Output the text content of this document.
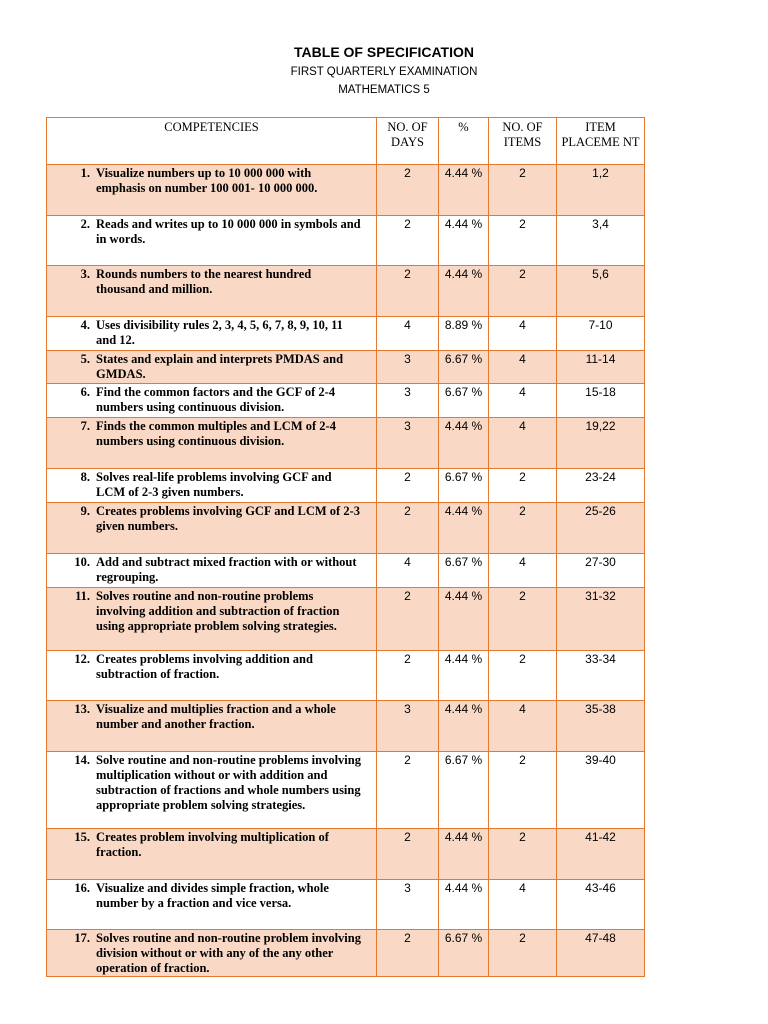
TABLE OF SPECIFICATION
FIRST QUARTERLY EXAMINATION
MATHEMATICS 5
COMPETENCIES	NO. OF DAYS	%	NO. OF ITEMS	ITEM PLACEME NT
1. Visualize numbers up to 10 000 000 with emphasis on number 100 001- 10 000 000.	2	4.44 %	2	1,2
2. Reads and writes up to 10 000 000 in symbols and in words.	2	4.44 %	2	3,4
3. Rounds numbers to the nearest hundred thousand and million.	2	4.44 %	2	5,6
4. Uses divisibility rules 2, 3, 4, 5, 6, 7, 8, 9, 10, 11 and 12.	4	8.89 %	4	7-10
5. States and explain and interprets PMDAS and GMDAS.	3	6.67 %	4	11-14
6. Find the common factors and the GCF of 2-4 numbers using continuous division.	3	6.67 %	4	15-18
7. Finds the common multiples and LCM of 2-4 numbers using continuous division.	3	4.44 %	4	19,22
8. Solves real-life problems involving GCF and LCM of 2-3 given numbers.	2	6.67 %	2	23-24
9. Creates problems involving GCF and LCM of 2-3 given numbers.	2	4.44 %	2	25-26
10. Add and subtract mixed fraction with or without regrouping.	4	6.67 %	4	27-30
11. Solves routine and non-routine problems involving addition and subtraction of fraction using appropriate problem solving strategies.	2	4.44 %	2	31-32
12. Creates problems involving addition and subtraction of fraction.	2	4.44 %	2	33-34
13. Visualize and multiplies fraction and a whole number and another fraction.	3	4.44 %	4	35-38
14. Solve routine and non-routine problems involving multiplication without or with addition and subtraction of fractions and whole numbers using appropriate problem solving strategies.	2	6.67 %	2	39-40
15. Creates problem involving multiplication of fraction.	2	4.44 %	2	41-42
16. Visualize and divides simple fraction, whole number by a fraction and vice versa.	3	4.44 %	4	43-46
17. Solves routine and non-routine problem involving division without or with any of the any other operation of fraction.	2	6.67 %	2	47-48
